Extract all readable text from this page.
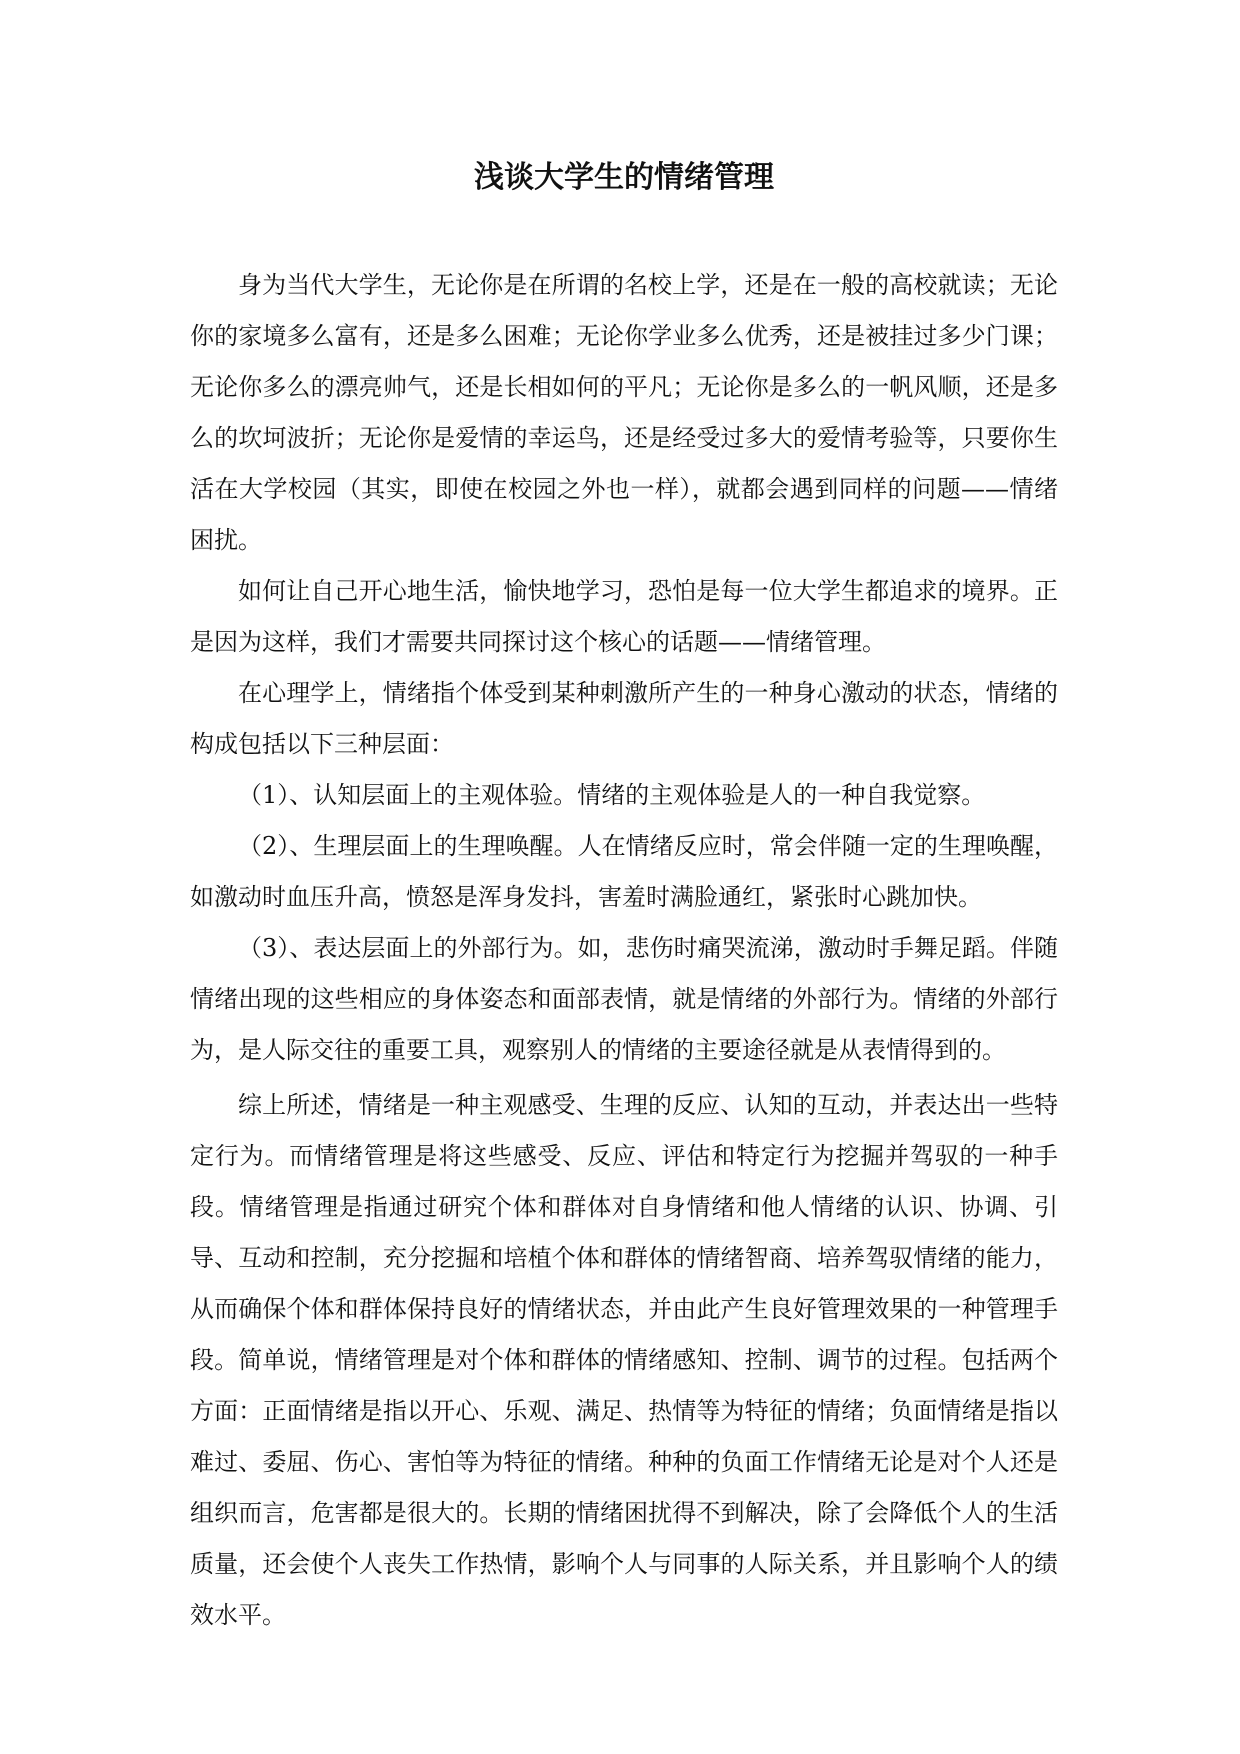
浅谈大学生的情绪管理

身为当代大学生，无论你是在所谓的名校上学，还是在一般的高校就读；无论你的家境多么富有，还是多么困难；无论你学业多么优秀，还是被挂过多少门课；无论你多么的漂亮帅气，还是长相如何的平凡；无论你是多么的一帆风顺，还是多么的坎坷波折；无论你是爱情的幸运鸟，还是经受过多大的爱情考验等，只要你生活在大学校园（其实，即使在校园之外也一样），就都会遇到同样的问题——情绪困扰。

如何让自己开心地生活，愉快地学习，恐怕是每一位大学生都追求的境界。正是因为这样，我们才需要共同探讨这个核心的话题——情绪管理。

在心理学上，情绪指个体受到某种刺激所产生的一种身心激动的状态，情绪的构成包括以下三种层面：

（1）、认知层面上的主观体验。情绪的主观体验是人的一种自我觉察。

（2）、生理层面上的生理唤醒。人在情绪反应时，常会伴随一定的生理唤醒，如激动时血压升高，愤怒是浑身发抖，害羞时满脸通红，紧张时心跳加快。

（3）、表达层面上的外部行为。如，悲伤时痛哭流涕，激动时手舞足蹈。伴随情绪出现的这些相应的身体姿态和面部表情，就是情绪的外部行为。情绪的外部行为，是人际交往的重要工具，观察别人的情绪的主要途径就是从表情得到的。

综上所述，情绪是一种主观感受、生理的反应、认知的互动，并表达出一些特定行为。而情绪管理是将这些感受、反应、评估和特定行为挖掘并驾驭的一种手段。情绪管理是指通过研究个体和群体对自身情绪和他人情绪的认识、协调、引导、互动和控制，充分挖掘和培植个体和群体的情绪智商、培养驾驭情绪的能力，从而确保个体和群体保持良好的情绪状态，并由此产生良好管理效果的一种管理手段。简单说，情绪管理是对个体和群体的情绪感知、控制、调节的过程。包括两个方面：正面情绪是指以开心、乐观、满足、热情等为特征的情绪；负面情绪是指以难过、委屈、伤心、害怕等为特征的情绪。种种的负面工作情绪无论是对个人还是组织而言，危害都是很大的。长期的情绪困扰得不到解决，除了会降低个人的生活质量，还会使个人丧失工作热情，影响个人与同事的人际关系，并且影响个人的绩效水平。
